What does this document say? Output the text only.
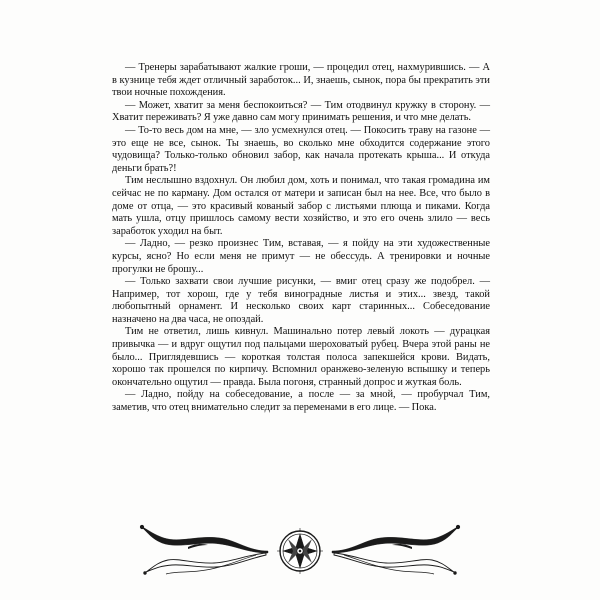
— Тренеры зарабатывают жалкие гроши, — процедил отец, нахмурившись. — А в кузнице тебя ждет отличный заработок... И, знаешь, сынок, пора бы прекратить эти твои ночные похождения.

— Может, хватит за меня беспокоиться? — Тим отодвинул кружку в сторону. — Хватит переживать? Я уже давно сам могу принимать решения, и что мне делать.

— То-то весь дом на мне, — зло усмехнулся отец. — Покосить траву на газоне — это еще не все, сынок. Ты знаешь, во сколько мне обходится содержание этого чудовища? Только-только обновил забор, как начала протекать крыша... И откуда деньги брать?!

Тим неслышно вздохнул. Он любил дом, хоть и понимал, что такая громадина им сейчас не по карману. Дом остался от матери и записан был на нее. Все, что было в доме от отца, — это красивый кованый забор с листьями плюща и пиками. Когда мать ушла, отцу пришлось самому вести хозяйство, и это его очень злило — весь заработок уходил на быт.

— Ладно, — резко произнес Тим, вставая, — я пойду на эти художественные курсы, ясно? Но если меня не примут — не обессудь. А тренировки и ночные прогулки не брошу...

— Только захвати свои лучшие рисунки, — вмиг отец сразу же подобрел. — Например, тот хорош, где у тебя виноградные листья и этих... звезд, такой любопытный орнамент. И несколько своих карт старинных... Собеседование назначено на два часа, не опоздай.

Тим не ответил, лишь кивнул. Машинально потер левый локоть — дурацкая привычка — и вдруг ощутил под пальцами шероховатый рубец. Вчера этой раны не было... Приглядевшись — короткая толстая полоса запекшейся крови. Видать, хорошо так прошелся по кирпичу. Вспомнил оранжево-зеленую вспышку и теперь окончательно ощутил — правда. Была погоня, странный допрос и жуткая боль.

— Ладно, пойду на собеседование, а после — за мной, — пробурчал Тим, заметив, что отец внимательно следит за переменами в его лице. — Пока.
